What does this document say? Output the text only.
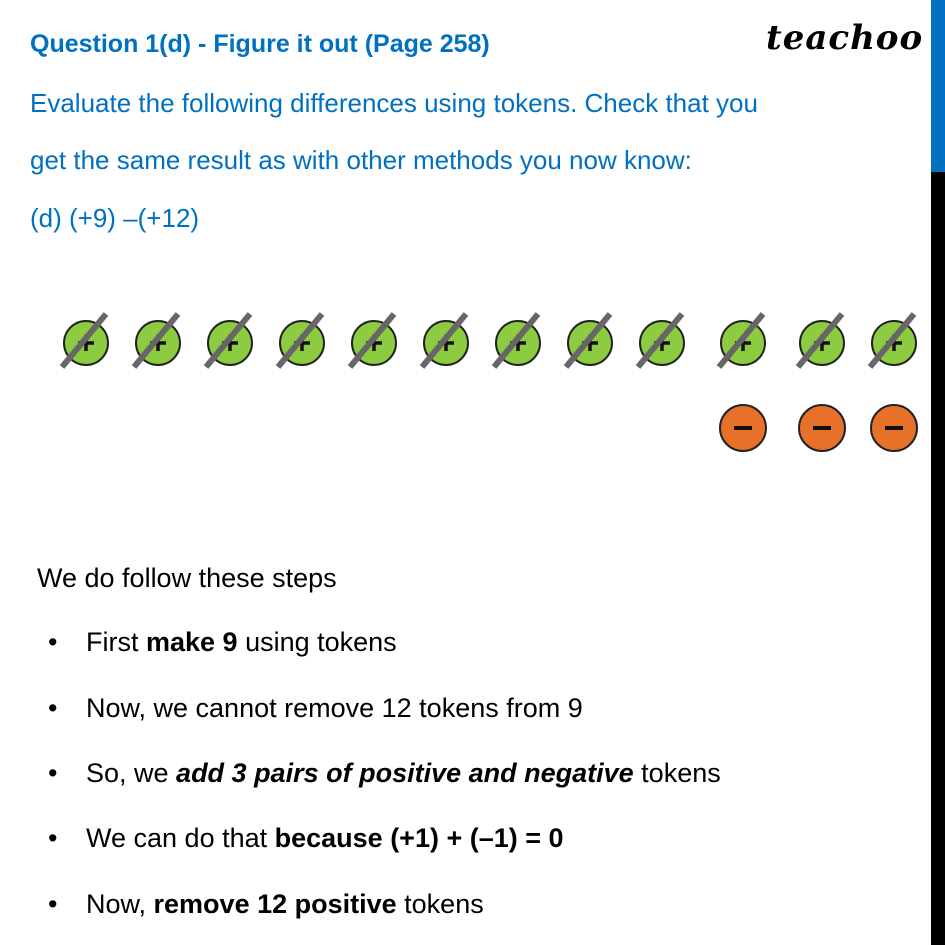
Question 1(d) - Figure it out (Page 258)	teachoo
Evaluate the following differences using tokens. Check that you
get the same result as with other methods you now know:
(d) (+9) –(+12)
We do follow these steps
• First make 9 using tokens
• Now, we cannot remove 12 tokens from 9
• So, we add 3 pairs of positive and negative tokens
• We can do that because (+1) + (–1) = 0
• Now, remove 12 positive tokens
